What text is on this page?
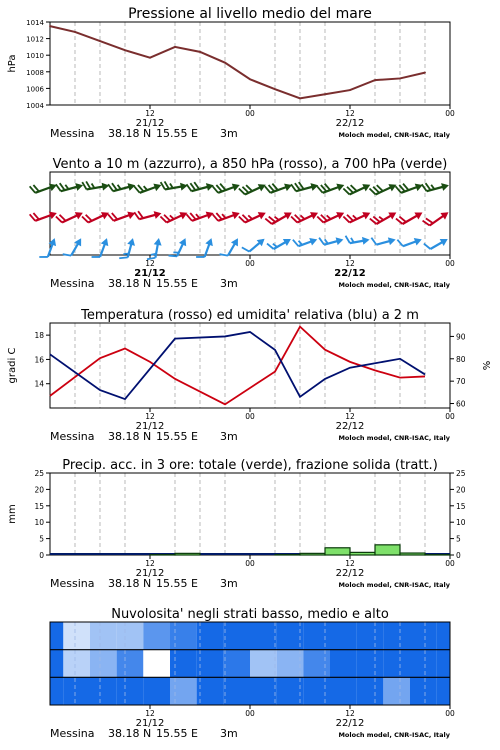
Pressione al livello medio del mare
12	00	12	00
21/12	22/12
Messina 38.18 N 15.55 E 3m	Moloch model, CNR-ISAC, Italy
1004
1006
1008
1010
1012
1014
hPa
Vento a 10 m (azzurro), a 850 hPa (rosso), a 700 hPa (verde)
12	00	12	00
21/12	22/12
Messina 38.18 N 15.55 E 3m	Moloch model, CNR-ISAC, Italy
Temperatura (rosso) ed umidita' relativa (blu) a 2 m
12	00	12	00
21/12	22/12
Messina 38.18 N 15.55 E 3m	Moloch model, CNR-ISAC, Italy
14
16
18
60
70
80
90
gradi C	%
Precip. acc. in 3 ore: totale (verde), frazione solida (tratt.)
12	00	12	00
21/12	22/12
Messina 38.18 N 15.55 E 3m	Moloch model, CNR-ISAC, Italy
0	0
5	5
10	10
15	15
20	20
25	25
mm
Nuvolosita' negli strati basso, medio e alto
12	00	12	00
21/12	22/12
Messina 38.18 N 15.55 E 3m	Moloch model, CNR-ISAC, Italy
